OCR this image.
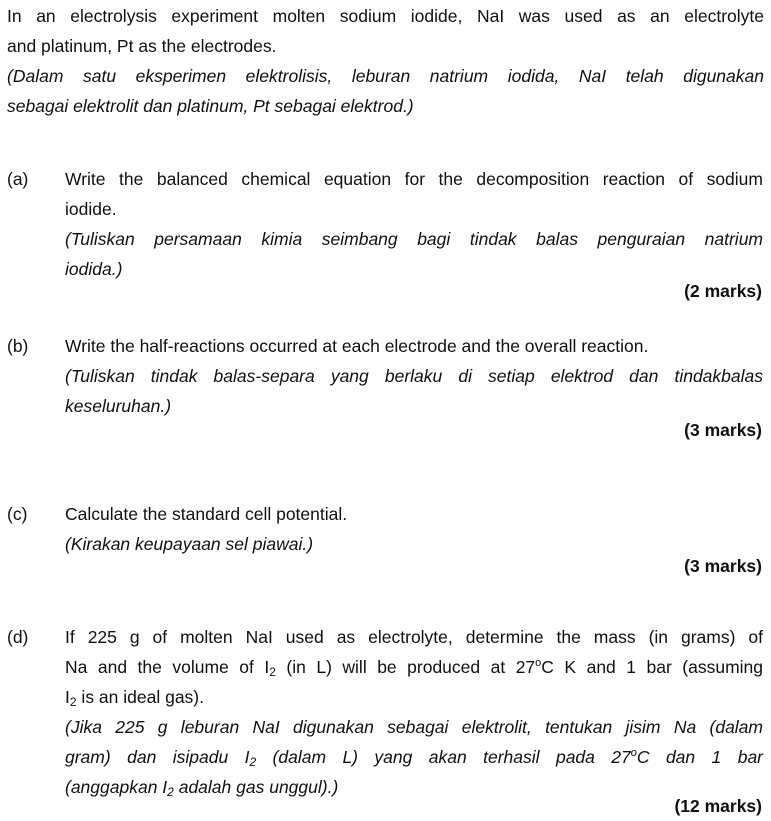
In an electrolysis experiment molten sodium iodide, NaI was used as an electrolyte
and platinum, Pt as the electrodes.
(Dalam satu eksperimen elektrolisis, leburan natrium iodida, NaI telah digunakan
sebagai elektrolit dan platinum, Pt sebagai elektrod.)
(a) Write the balanced chemical equation for the decomposition reaction of sodium
iodide.
(Tuliskan persamaan kimia seimbang bagi tindak balas penguraian natrium
iodida.)
(2 marks)
(b) Write the half-reactions occurred at each electrode and the overall reaction.
(Tuliskan tindak balas-separa yang berlaku di setiap elektrod dan tindakbalas
keseluruhan.)
(3 marks)
(c) Calculate the standard cell potential.
(Kirakan keupayaan sel piawai.)
(3 marks)
(d) If 225 g of molten NaI used as electrolyte, determine the mass (in grams) of
Na and the volume of $I_2$ (in L) will be produced at 27$^o$C K and 1 bar (assuming
$I_2$ is an ideal gas).
(Jika 225 g leburan NaI digunakan sebagai elektrolit, tentukan jisim Na (dalam
gram) dan isipadu $I_2$ (dalam L) yang akan terhasil pada 27$^o$C dan 1 bar
(anggapkan $I_2$ adalah gas unggul).)
(12 marks)
